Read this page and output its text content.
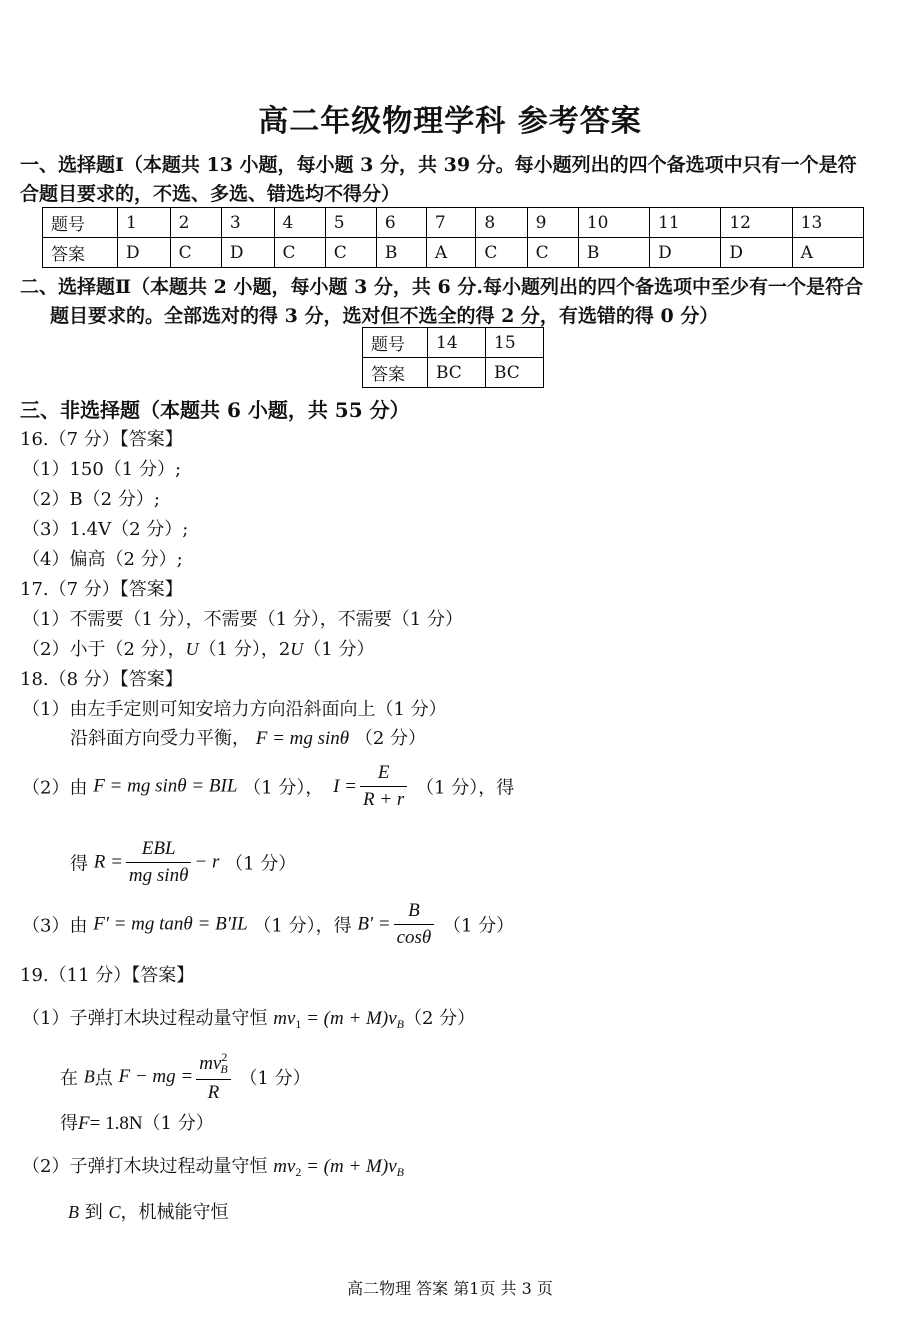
高二年级物理学科 参考答案
一、选择题Ⅰ（本题共 13 小题，每小题 3 分，共 39 分。每小题列出的四个备选项中只有一个是符
合题目要求的，不选、多选、错选均不得分）
题号	1	2	3	4	5	6	7	8	9	10	11	12	13
答案	D	C	D	C	C	B	A	C	C	B	D	D	A
二、选择题Ⅱ（本题共 2 小题，每小题 3 分，共 6 分.每小题列出的四个备选项中至少有一个是符合
题目要求的。全部选对的得 3 分，选对但不选全的得 2 分，有选错的得 0 分）
题号	14	15
答案	BC	BC
三、非选择题（本题共 6 小题，共 55 分）
16.（7 分）【答案】
（1）150（1 分）;
（2）B（2 分）;
（3）1.4V（2 分）;
（4）偏高（2 分）;
17.（7 分）【答案】
（1）不需要（1 分），不需要（1 分），不需要（1 分）
（2）小于（2 分），U（1 分），2U（1 分）
18.（8 分）【答案】
（1）由左手定则可知安培力方向沿斜面向上（1 分）
沿斜面方向受力平衡， F = mg sinθ （2 分）
（2）由 F = mg sinθ = BIL （1 分）， $I = \frac{E}{R + r} (1$ 分），得
得 $R = \frac{\text{EBL}}{\text{mg sinθ}} - r$ （1 分）
（3）由 F' = mg tanθ = B'IL （1 分），得 $B' = \frac{B}{\cos\theta} (1$ 分）
19.（11 分）【答案】
（1）子弹打木块过程动量守恒 $mv_1 = (m + M)v_B(2$ 分）
在 B点 F − mg = $\frac{mv^2_B}{R} (1$ 分）
得F= 1.8N（1 分）
（2）子弹打木块过程动量守恒 $mv_2 = (m + M)v_B$
B 到 C，机械能守恒
高二物理 答案 第1页 共 3 页
